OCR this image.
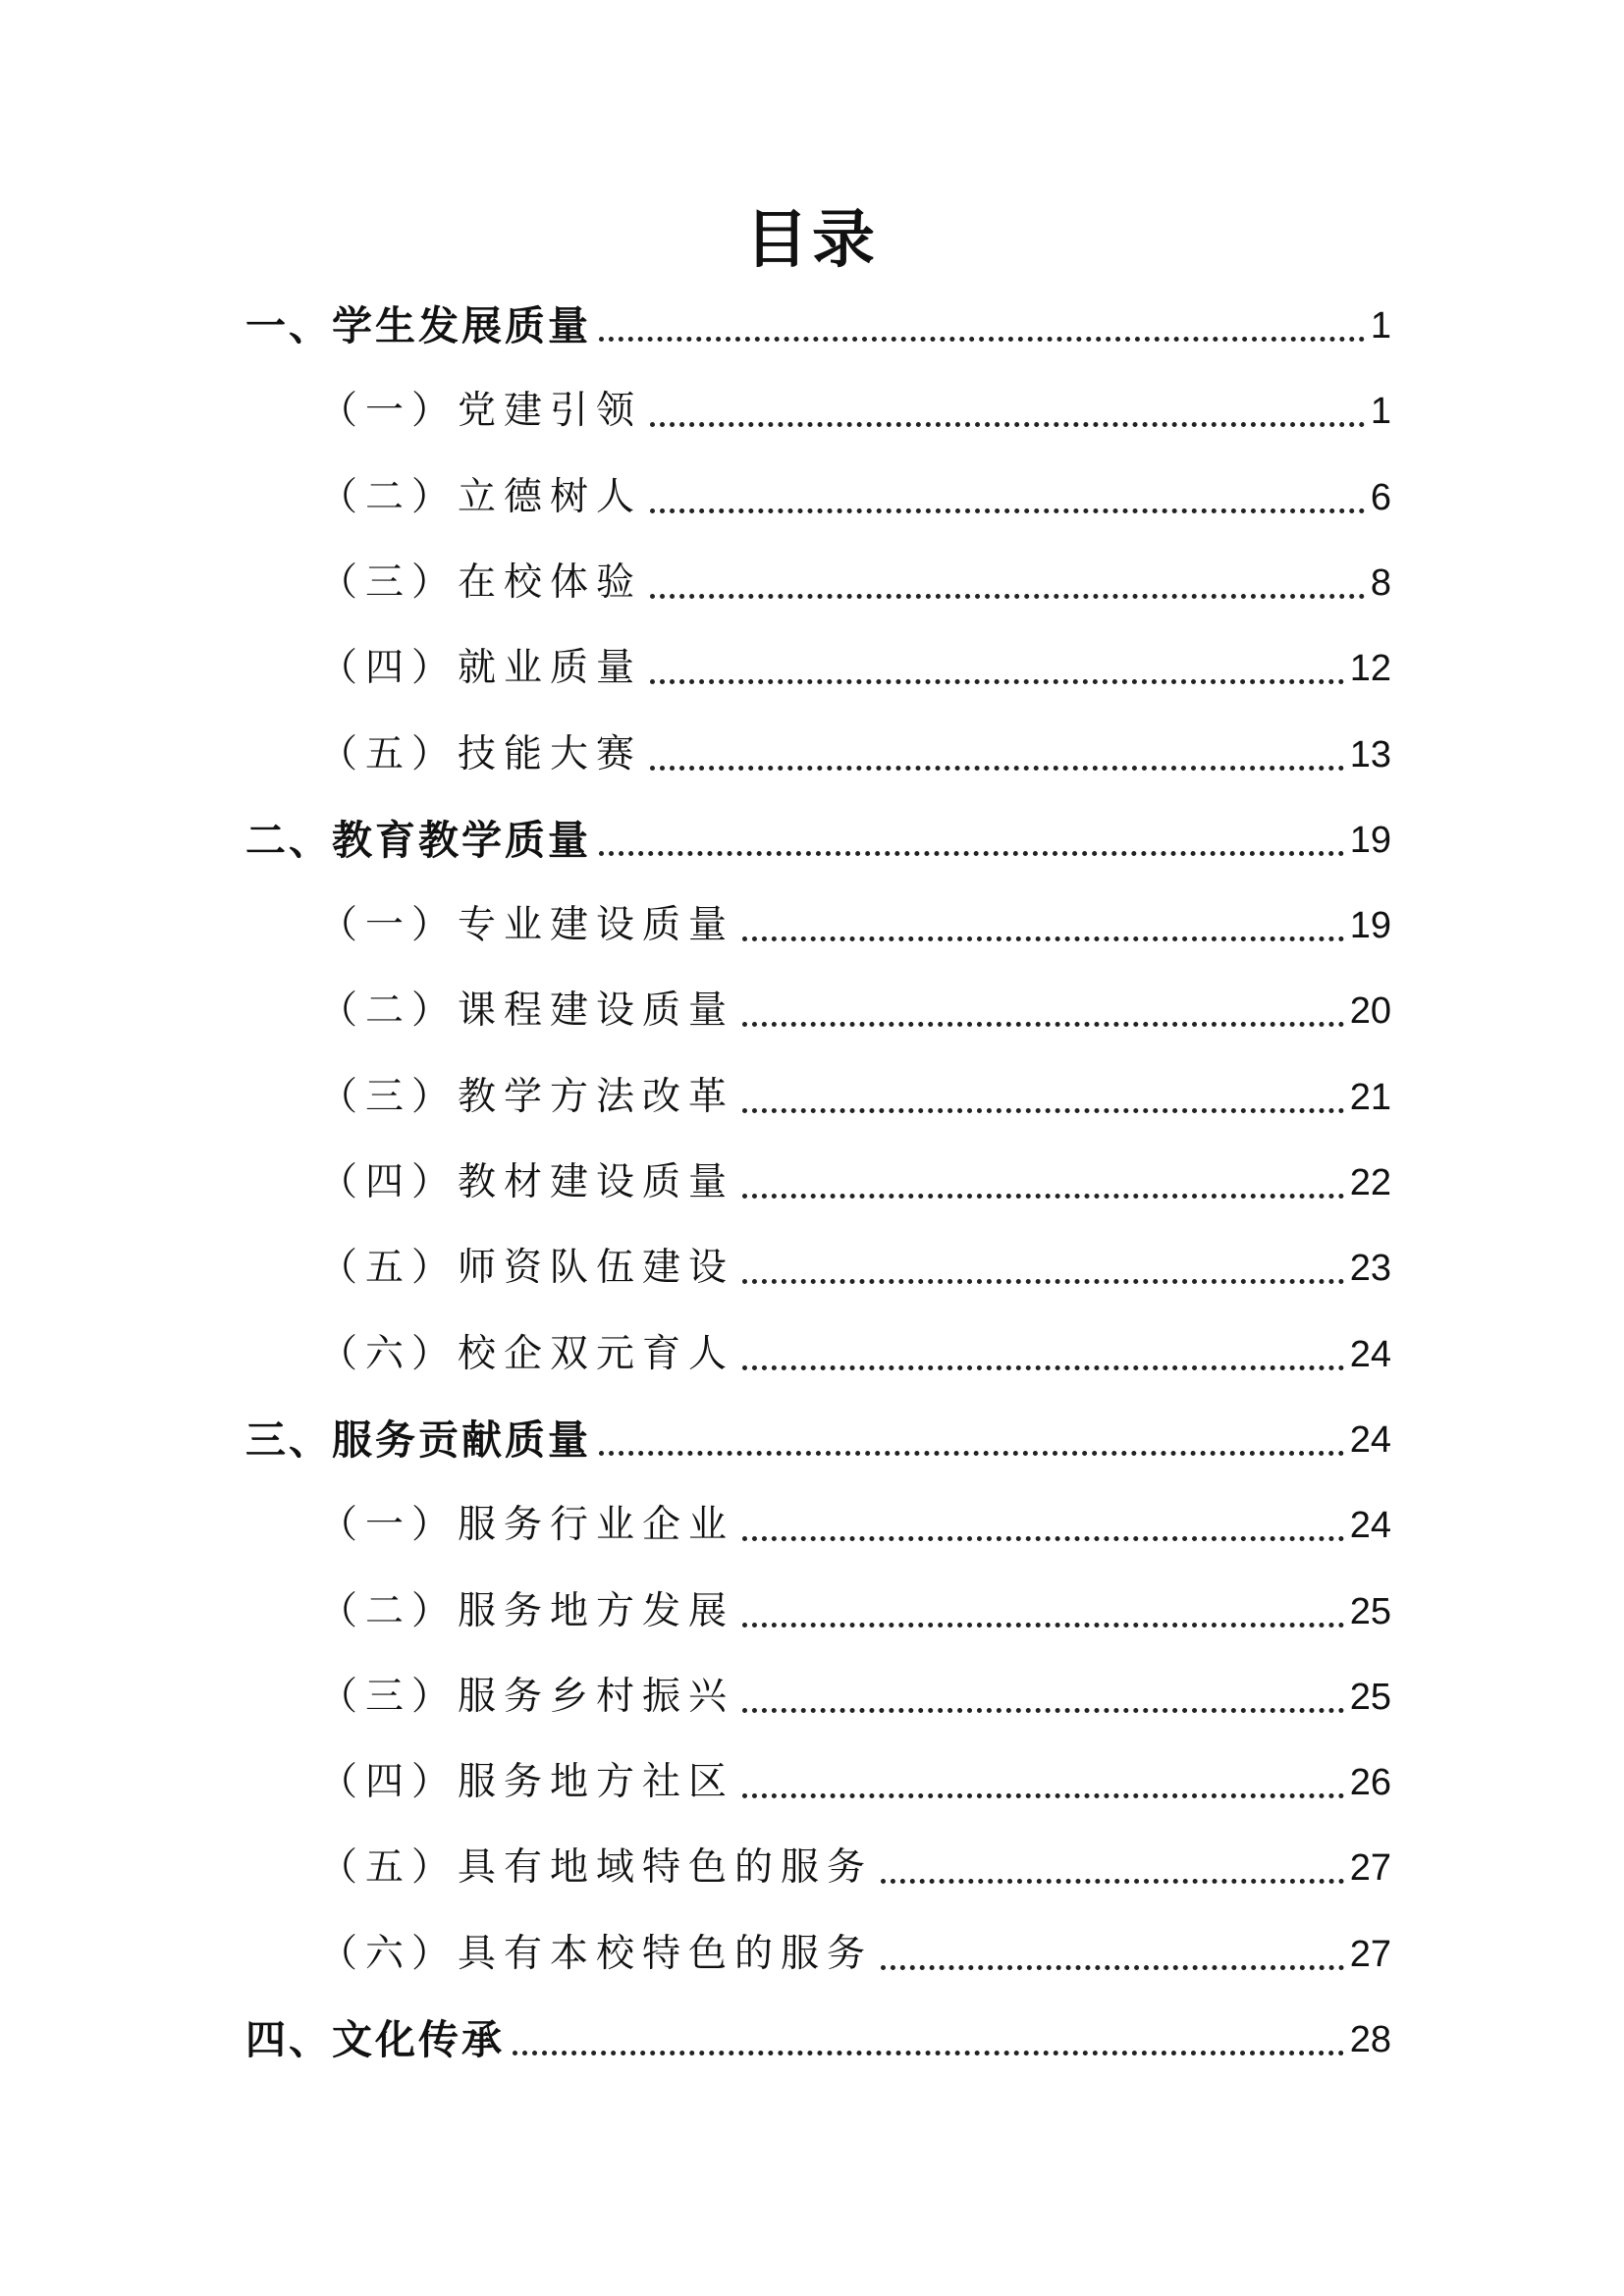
目录
一、学生发展质量	1
（一）党建引领	1
（二）立德树人	6
（三）在校体验	8
（四）就业质量	12
（五）技能大赛	13
二、教育教学质量	19
（一）专业建设质量	19
（二）课程建设质量	20
（三）教学方法改革	21
（四）教材建设质量	22
（五）师资队伍建设	23
（六）校企双元育人	24
三、服务贡献质量	24
（一）服务行业企业	24
（二）服务地方发展	25
（三）服务乡村振兴	25
（四）服务地方社区	26
（五）具有地域特色的服务	27
（六）具有本校特色的服务	27
四、文化传承	28
